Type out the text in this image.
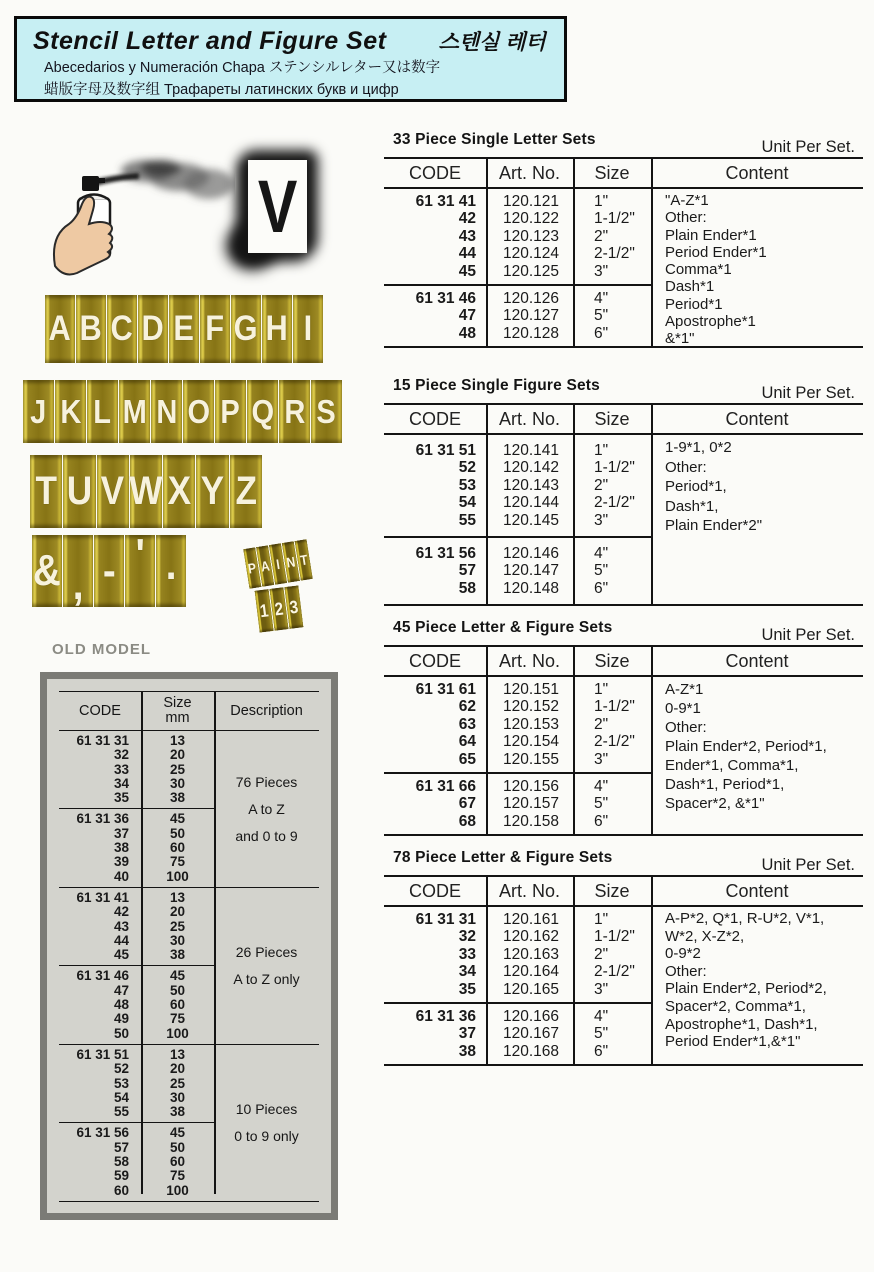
Stencil Letter and Figure Set 스텐실 레터
Abecedarios y Numeración Chapa ステンシルレター又は数字
蜡版字母及数字组 Трафареты латинских букв и цифр
V
A B C D E F G H I
J K L M N O P Q R S
T U V W X Y Z
& , - ' .	P A I N T
1 2 3
OLD MODEL
CODE	Size
mm	Description
61 31 31	13
32	20
33	25
34	30
35	38
61 31 36	45
37	50
38	60
39	75
40	100
76 Pieces
A to Z
and 0 to 9
61 31 41	13
42	20
43	25
44	30
45	38
61 31 46	45
47	50
48	60
49	75
50	100
26 Pieces
A to Z only
61 31 51	13
52	20
53	25
54	30
55	38
61 31 56	45
57	50
58	60
59	75
60	100
10 Pieces
0 to 9 only
33 Piece Single Letter Sets	Unit Per Set.
CODE	Art. No.	Size	Content
61 31 41	120.121	1"
42	120.122	1-1/2"
43	120.123	2"
44	120.124	2-1/2"
45	120.125	3"
61 31 46	120.126	4"
47	120.127	5"
48	120.128	6"
"A-Z*1
Other:
Plain Ender*1
Period Ender*1
Comma*1
Dash*1
Period*1
Apostrophe*1
&*1"
15 Piece Single Figure Sets	Unit Per Set.
CODE	Art. No.	Size	Content
61 31 51	120.141	1"
52	120.142	1-1/2"
53	120.143	2"
54	120.144	2-1/2"
55	120.145	3"
61 31 56	120.146	4"
57	120.147	5"
58	120.148	6"
1-9*1, 0*2
Other:
Period*1,
Dash*1,
Plain Ender*2"
45 Piece Letter & Figure Sets	Unit Per Set.
CODE	Art. No.	Size	Content
61 31 61	120.151	1"
62	120.152	1-1/2"
63	120.153	2"
64	120.154	2-1/2"
65	120.155	3"
61 31 66	120.156	4"
67	120.157	5"
68	120.158	6"
A-Z*1
0-9*1
Other:
Plain Ender*2, Period*1,
Ender*1, Comma*1,
Dash*1, Period*1,
Spacer*2, &*1"
78 Piece Letter & Figure Sets	Unit Per Set.
CODE	Art. No.	Size	Content
61 31 31	120.161	1"
32	120.162	1-1/2"
33	120.163	2"
34	120.164	2-1/2"
35	120.165	3"
61 31 36	120.166	4"
37	120.167	5"
38	120.168	6"
A-P*2, Q*1, R-U*2, V*1,
W*2, X-Z*2,
0-9*2
Other:
Plain Ender*2, Period*2,
Spacer*2, Comma*1,
Apostrophe*1, Dash*1,
Period Ender*1,&*1"
